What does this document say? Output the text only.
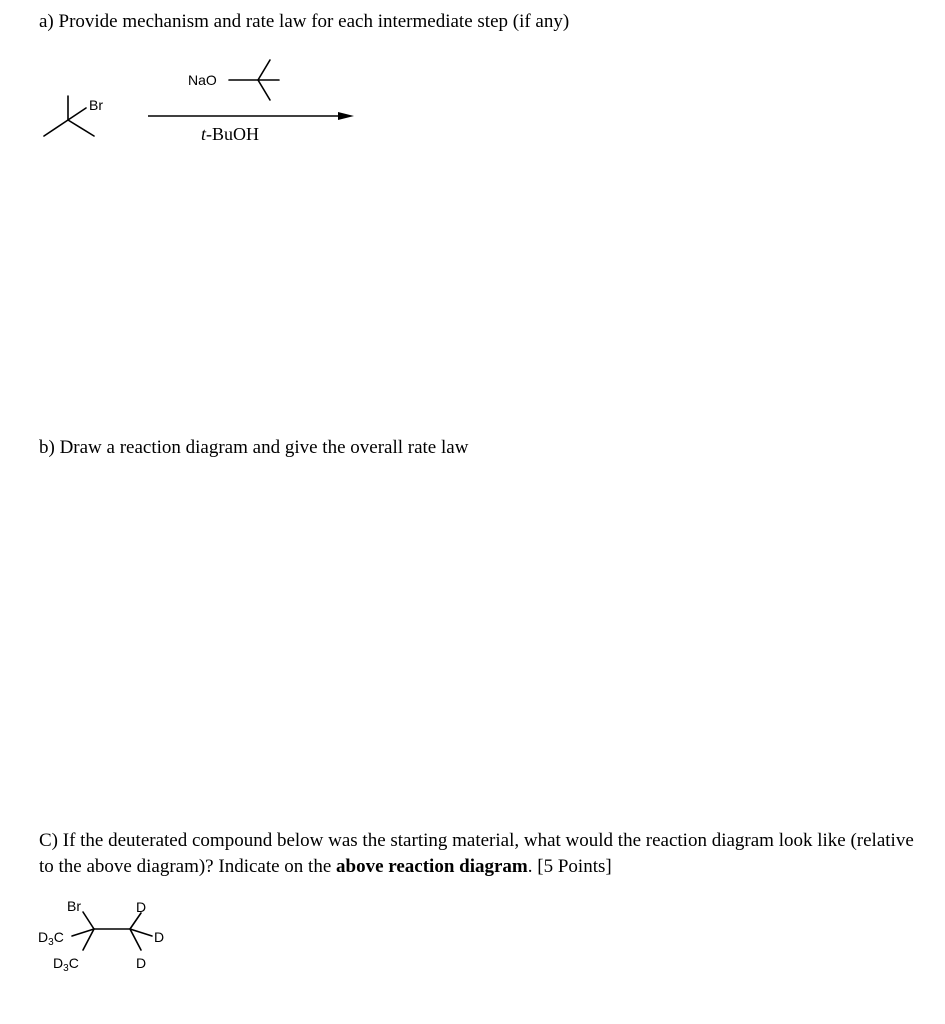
a) Provide mechanism and rate law for each intermediate step (if any)

Br
NaO
t-BuOH
Br	D
D
D
$D_3C$
$D_3C$

b) Draw a reaction diagram and give the overall rate law

C) If the deuterated compound below was the starting material, what would the reaction diagram look like (relative to the above diagram)? Indicate on the above reaction diagram. [5 Points]
